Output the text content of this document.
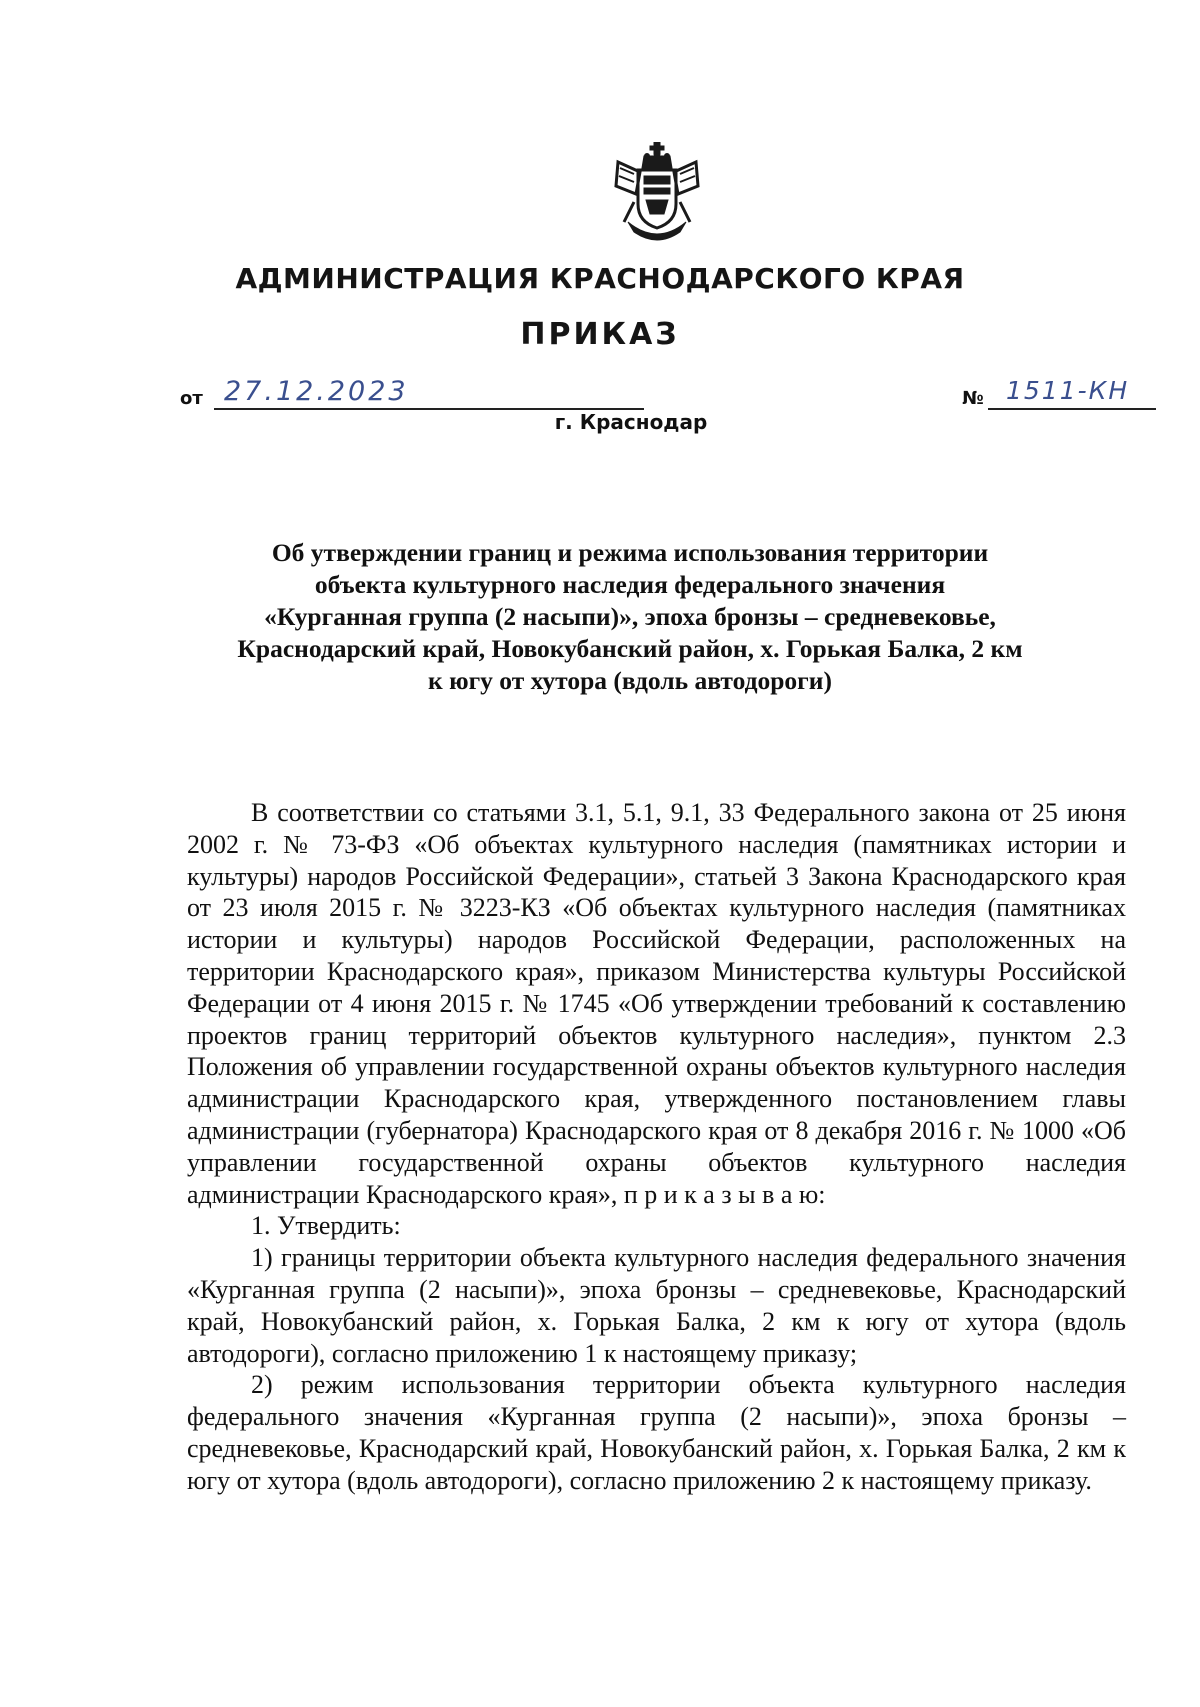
АДМИНИСТРАЦИЯ КРАСНОДАРСКОГО КРАЯ
ПРИКАЗ
от 27.12.2023	№ 1511-КН
г. Краснодар
Об утверждении границ и режима использования территории
объекта культурного наследия федерального значения
«Курганная группа (2 насыпи)», эпоха бронзы – средневековье,
Краснодарский край, Новокубанский район, х. Горькая Балка, 2 км
к югу от хутора (вдоль автодороги)

В соответствии со статьями 3.1, 5.1, 9.1, 33 Федерального закона от 25 июня 2002 г. № 73-ФЗ «Об объектах культурного наследия (памятниках истории и культуры) народов Российской Федерации», статьей 3 Закона Краснодарского края от 23 июля 2015 г. № 3223-КЗ «Об объектах культурного наследия (памятниках истории и культуры) народов Российской Федерации, расположенных на территории Краснодарского края», приказом Министерства культуры Российской Федерации от 4 июня 2015 г. № 1745 «Об утверждении требований к составлению проектов границ территорий объектов культурного наследия», пунктом 2.3 Положения об управлении государственной охраны объектов культурного наследия администрации Краснодарского края, утвержденного постановлением главы администрации (губернатора) Краснодарского края от 8 декабря 2016 г. № 1000 «Об управлении государственной охраны объектов культурного наследия администрации Краснодарского края», п р и к а з ы в а ю:

1. Утвердить:

1) границы территории объекта культурного наследия федерального значения «Курганная группа (2 насыпи)», эпоха бронзы – средневековье, Краснодарский край, Новокубанский район, х. Горькая Балка, 2 км к югу от хутора (вдоль автодороги), согласно приложению 1 к настоящему приказу;

2) режим использования территории объекта культурного наследия федерального значения «Курганная группа (2 насыпи)», эпоха бронзы – средневековье, Краснодарский край, Новокубанский район, х. Горькая Балка, 2 км к югу от хутора (вдоль автодороги), согласно приложению 2 к настоящему приказу.
